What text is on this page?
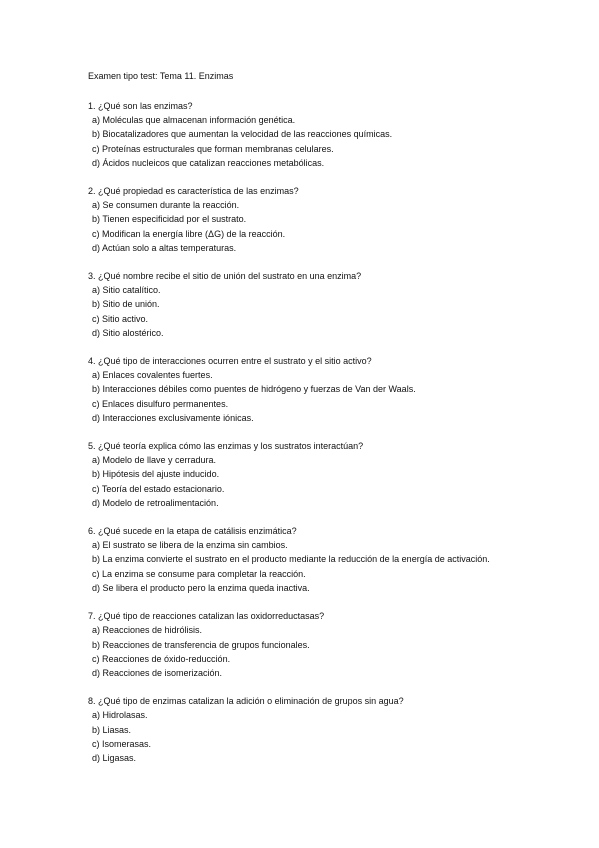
Examen tipo test: Tema 11. Enzimas
1. ¿Qué son las enzimas?
a) Moléculas que almacenan información genética.
b) Biocatalizadores que aumentan la velocidad de las reacciones químicas.
c) Proteínas estructurales que forman membranas celulares.
d) Ácidos nucleicos que catalizan reacciones metabólicas.
2. ¿Qué propiedad es característica de las enzimas?
a) Se consumen durante la reacción.
b) Tienen especificidad por el sustrato.
c) Modifican la energía libre (ΔG) de la reacción.
d) Actúan solo a altas temperaturas.
3. ¿Qué nombre recibe el sitio de unión del sustrato en una enzima?
a) Sitio catalítico.
b) Sitio de unión.
c) Sitio activo.
d) Sitio alostérico.
4. ¿Qué tipo de interacciones ocurren entre el sustrato y el sitio activo?
a) Enlaces covalentes fuertes.
b) Interacciones débiles como puentes de hidrógeno y fuerzas de Van der Waals.
c) Enlaces disulfuro permanentes.
d) Interacciones exclusivamente iónicas.
5. ¿Qué teoría explica cómo las enzimas y los sustratos interactúan?
a) Modelo de llave y cerradura.
b) Hipótesis del ajuste inducido.
c) Teoría del estado estacionario.
d) Modelo de retroalimentación.
6. ¿Qué sucede en la etapa de catálisis enzimática?
a) El sustrato se libera de la enzima sin cambios.
b) La enzima convierte el sustrato en el producto mediante la reducción de la energía de activación.
c) La enzima se consume para completar la reacción.
d) Se libera el producto pero la enzima queda inactiva.
7. ¿Qué tipo de reacciones catalizan las oxidorreductasas?
a) Reacciones de hidrólisis.
b) Reacciones de transferencia de grupos funcionales.
c) Reacciones de óxido-reducción.
d) Reacciones de isomerización.
8. ¿Qué tipo de enzimas catalizan la adición o eliminación de grupos sin agua?
a) Hidrolasas.
b) Liasas.
c) Isomerasas.
d) Ligasas.
